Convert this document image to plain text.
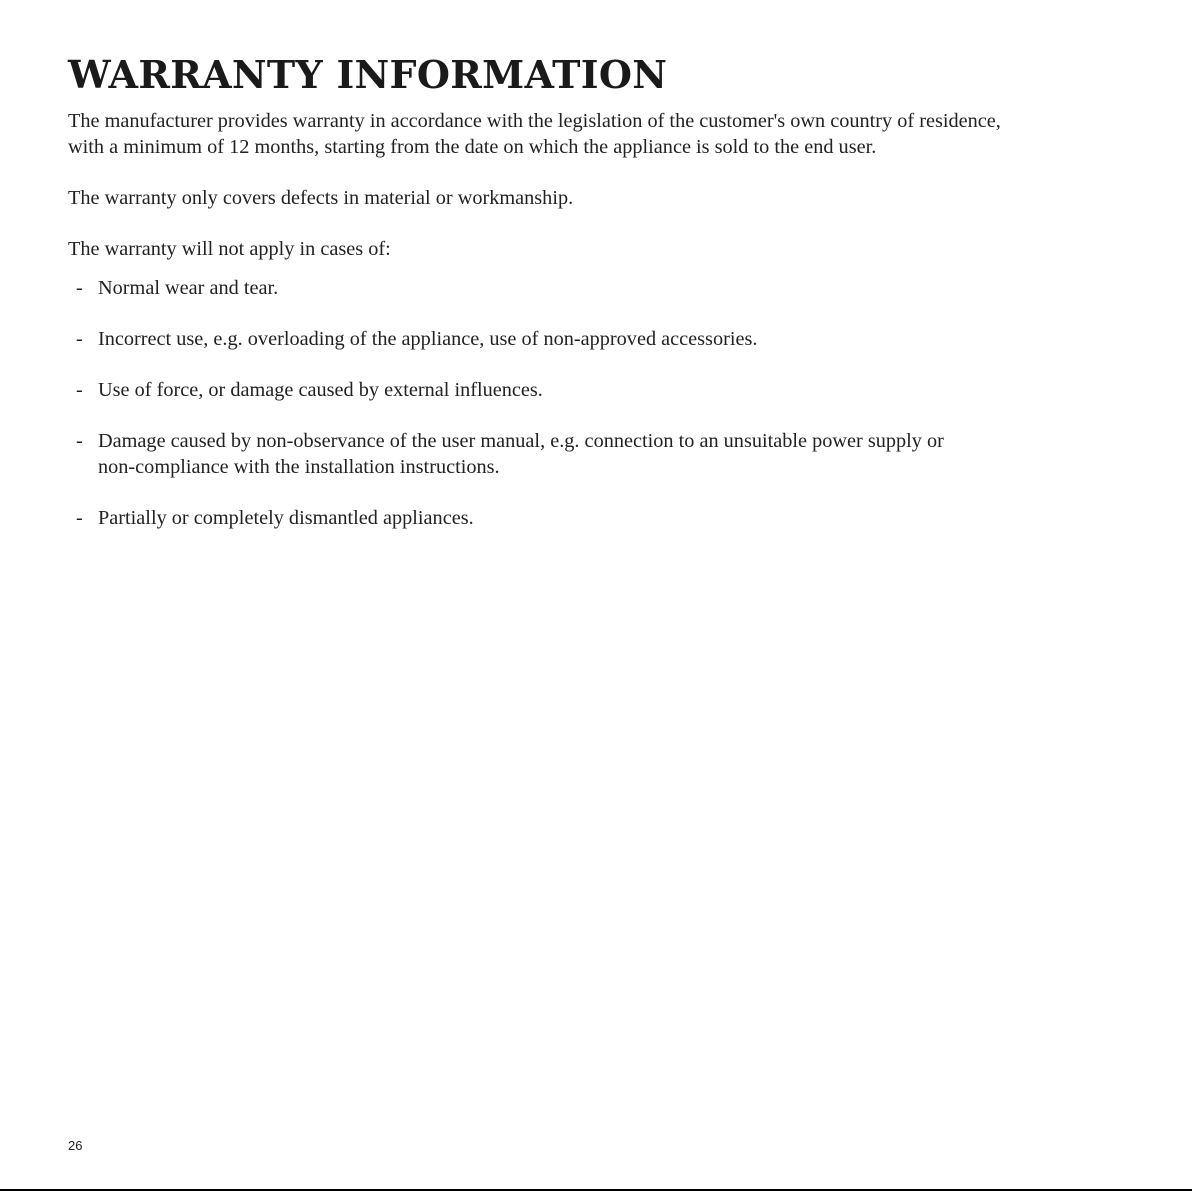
WARRANTY INFORMATION

The manufacturer provides warranty in accordance with the legislation of the customer's own country of residence,
with a minimum of 12 months, starting from the date on which the appliance is sold to the end user.

The warranty only covers defects in material or workmanship.

The warranty will not apply in cases of:

- Normal wear and tear.
- Incorrect use, e.g. overloading of the appliance, use of non-approved accessories.
- Use of force, or damage caused by external influences.
- Damage caused by non-observance of the user manual, e.g. connection to an unsuitable power supply or
non-compliance with the installation instructions.
- Partially or completely dismantled appliances.
26
